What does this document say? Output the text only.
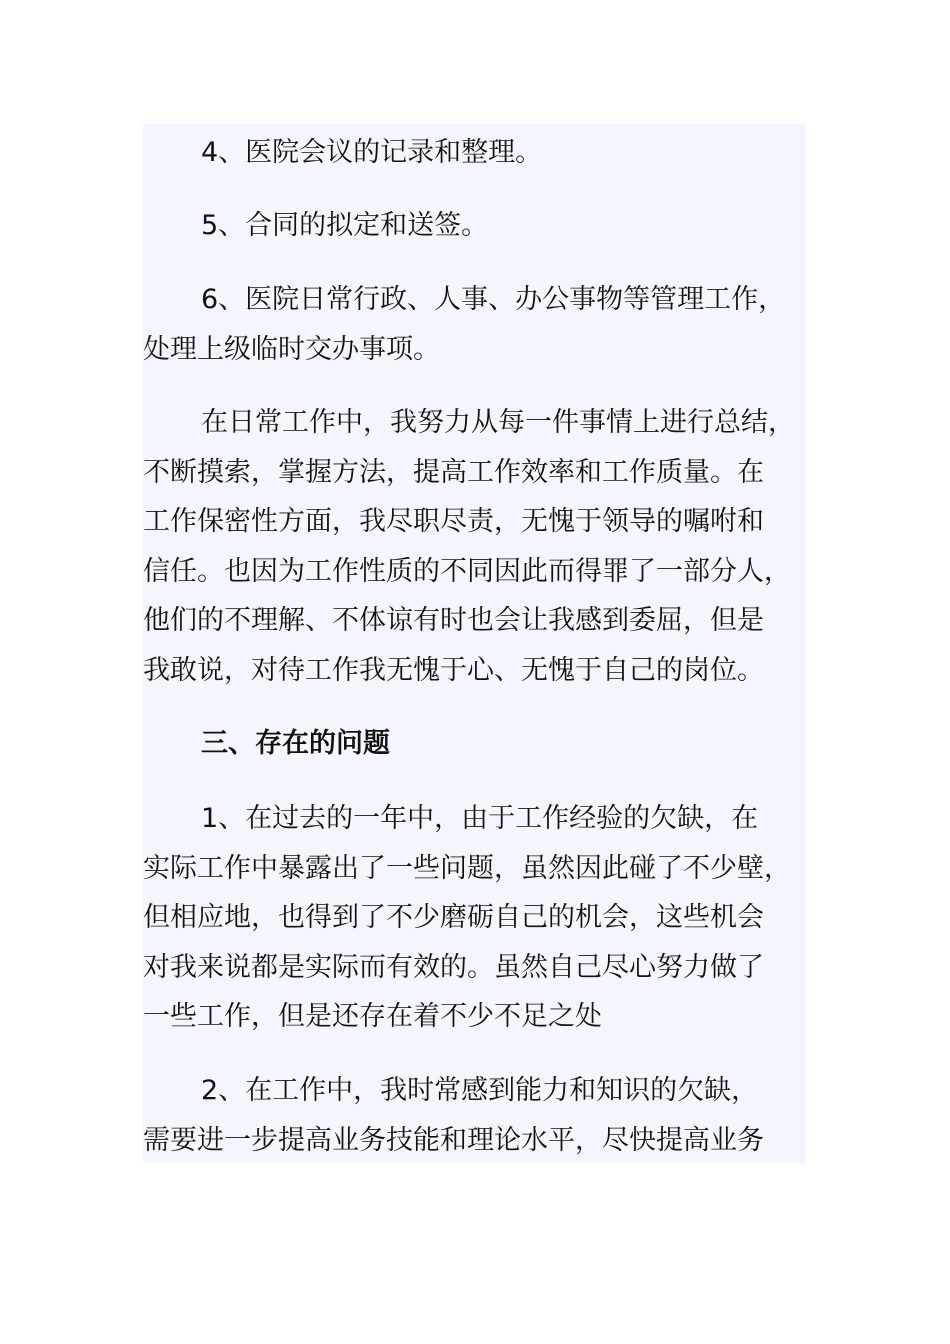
4、医院会议的记录和整理。

5、合同的拟定和送签。

6、医院日常行政、人事、办公事物等管理工作，
处理上级临时交办事项。

在日常工作中，我努力从每一件事情上进行总结，
不断摸索，掌握方法，提高工作效率和工作质量。在
工作保密性方面，我尽职尽责，无愧于领导的嘱咐和
信任。也因为工作性质的不同因此而得罪了一部分人，
他们的不理解、不体谅有时也会让我感到委屈，但是
我敢说，对待工作我无愧于心、无愧于自己的岗位。

三、存在的问题

1、在过去的一年中，由于工作经验的欠缺，在
实际工作中暴露出了一些问题，虽然因此碰了不少壁，
但相应地，也得到了不少磨砺自己的机会，这些机会
对我来说都是实际而有效的。虽然自己尽心努力做了
一些工作，但是还存在着不少不足之处

2、在工作中，我时常感到能力和知识的欠缺，
需要进一步提高业务技能和理论水平，尽快提高业务
